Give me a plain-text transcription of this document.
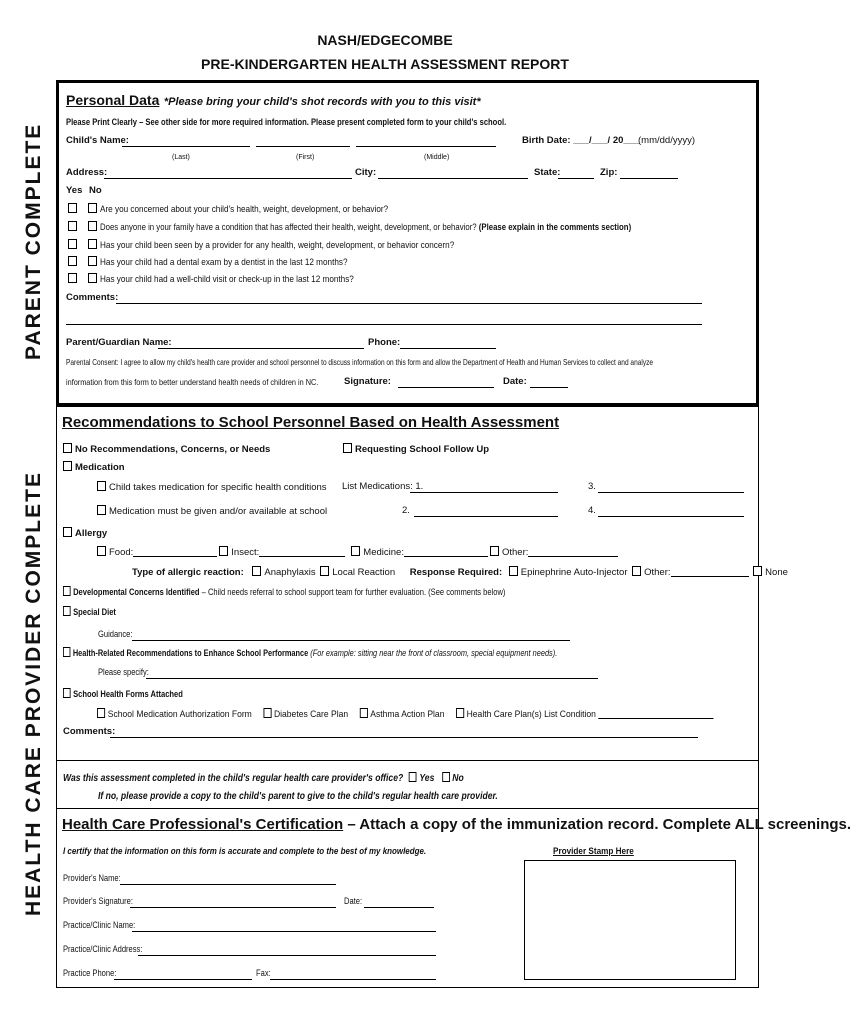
NASH/EDGECOMBE
PRE-KINDERGARTEN HEALTH ASSESSMENT REPORT
PARENT COMPLETE
HEALTH CARE PROVIDER COMPLETE
Personal Data *Please bring your child's shot records with you to this visit*
Please Print Clearly – See other side for more required information. Please present completed form to your child's school.
Child's Name:	Birth Date: ___/___/ 20___
(mm/dd/yyyy)
(Last)	(First)	(Middle)
Address:	City:	State:	Zip:
Yes No
Are you concerned about your child's health, weight, development, or behavior?
Does anyone in your family have a condition that has affected their health, weight, development, or behavior? (Please explain in the comments section)
Has your child been seen by a provider for any health, weight, development, or behavior concern?
Has your child had a dental exam by a dentist in the last 12 months?
Has your child had a well-child visit or check-up in the last 12 months?
Comments:
Parent/Guardian Name:	Phone:
Parental Consent: I agree to allow my child's health care provider and school personnel to discuss information on this form and allow the Department of Health and Human Services to collect and analyze
information from this form to better understand health needs of children in NC.	Signature:	Date:
Recommendations to School Personnel Based on Health Assessment
No Recommendations, Concerns, or Needs	Requesting School Follow Up
Medication
Child takes medication for specific health conditions List Medications: 1.	3.
Medication must be given and/or available at school	2.	4.
Allergy
Food:	Insect:	Medicine:	Other:
Type of allergic reaction: Anaphylaxis Local Reaction Response Required: Epinephrine Auto-Injector Other:	None
Developmental Concerns Identified – Child needs referral to school support team for further evaluation. (See comments below)
Special Diet
Guidance:
Health-Related Recommendations to Enhance School Performance (For example: sitting near the front of classroom, special equipment needs).
Please specify:
School Health Forms Attached
School Medication Authorization Form Diabetes Care Plan Asthma Action Plan Health Care Plan(s) List Condition
Comments:
Was this assessment completed in the child's regular health care provider's office? Yes No
If no, please provide a copy to the child's parent to give to the child's regular health care provider.
Health Care Professional's Certification – Attach a copy of the immunization record. Complete ALL screenings.
I certify that the information on this form is accurate and complete to the best of my knowledge.	Provider Stamp Here
Provider's Name:
Provider's Signature:	Date:
Practice/Clinic Name:
Practice/Clinic Address:
Practice Phone:	Fax:
